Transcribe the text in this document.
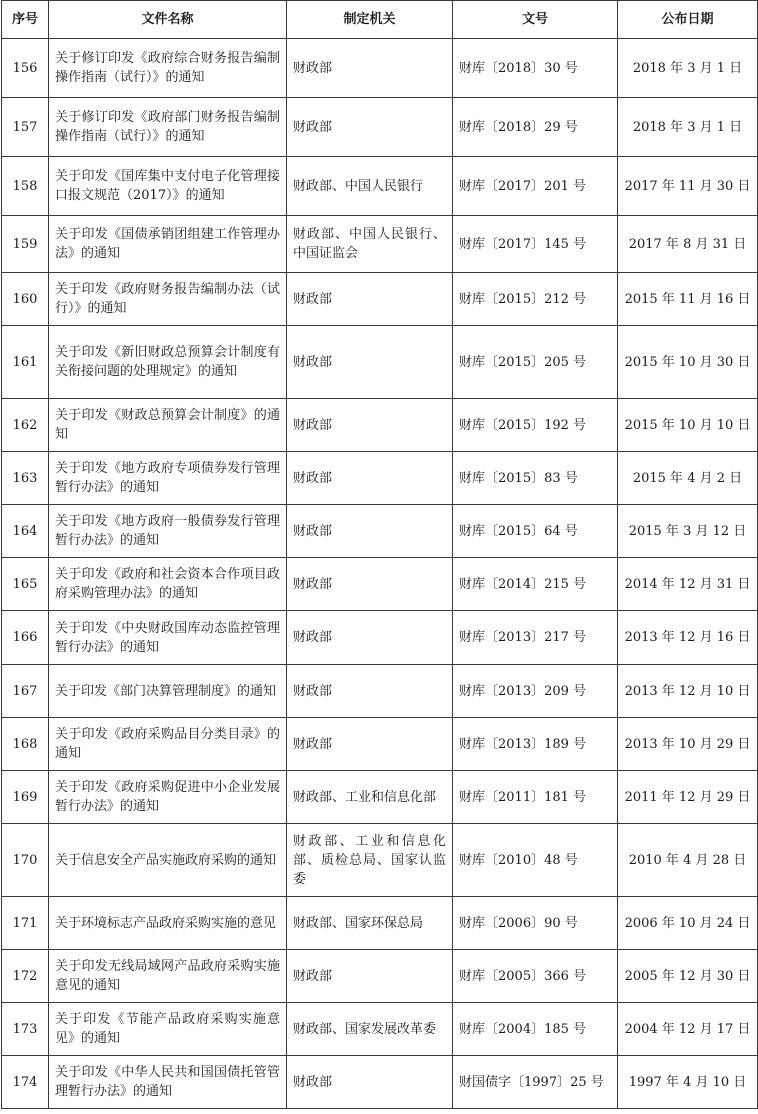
序号	文件名称	制定机关	文号	公布日期
156	关于修订印发《政府综合财务报告编制操作指南（试行）》的通知	财政部	财库〔2018〕30 号	2018 年 3 月 1 日
157	关于修订印发《政府部门财务报告编制操作指南（试行）》的通知	财政部	财库〔2018〕29 号	2018 年 3 月 1 日
158	关于印发《国库集中支付电子化管理接口报文规范（2017）》的通知	财政部、中国人民银行	财库〔2017〕201 号	2017 年 11 月 30 日
159	关于印发《国债承销团组建工作管理办法》的通知	财政部、中国人民银行、中国证监会	财库〔2017〕145 号	2017 年 8 月 31 日
160	关于印发《政府财务报告编制办法（试行）》的通知	财政部	财库〔2015〕212 号	2015 年 11 月 16 日
161	关于印发《新旧财政总预算会计制度有关衔接问题的处理规定》的通知	财政部	财库〔2015〕205 号	2015 年 10 月 30 日
162	关于印发《财政总预算会计制度》的通知	财政部	财库〔2015〕192 号	2015 年 10 月 10 日
163	关于印发《地方政府专项债券发行管理暂行办法》的通知	财政部	财库〔2015〕83 号	2015 年 4 月 2 日
164	关于印发《地方政府一般债券发行管理暂行办法》的通知	财政部	财库〔2015〕64 号	2015 年 3 月 12 日
165	关于印发《政府和社会资本合作项目政府采购管理办法》的通知	财政部	财库〔2014〕215 号	2014 年 12 月 31 日
166	关于印发《中央财政国库动态监控管理暂行办法》的通知	财政部	财库〔2013〕217 号	2013 年 12 月 16 日
167	关于印发《部门决算管理制度》的通知	财政部	财库〔2013〕209 号	2013 年 12 月 10 日
168	关于印发《政府采购品目分类目录》的通知	财政部	财库〔2013〕189 号	2013 年 10 月 29 日
169	关于印发《政府采购促进中小企业发展暂行办法》的通知	财政部、工业和信息化部	财库〔2011〕181 号	2011 年 12 月 29 日
170	关于信息安全产品实施政府采购的通知	财政部、工业和信息化部、质检总局、国家认监委	财库〔2010〕48 号	2010 年 4 月 28 日
171	关于环境标志产品政府采购实施的意见	财政部、国家环保总局	财库〔2006〕90 号	2006 年 10 月 24 日
172	关于印发无线局域网产品政府采购实施意见的通知	财政部	财库〔2005〕366 号	2005 年 12 月 30 日
173	关于印发《节能产品政府采购实施意见》的通知	财政部、国家发展改革委	财库〔2004〕185 号	2004 年 12 月 17 日
174	关于印发《中华人民共和国国债托管管理暂行办法》的通知	财政部	财国债字〔1997〕25 号	1997 年 4 月 10 日
